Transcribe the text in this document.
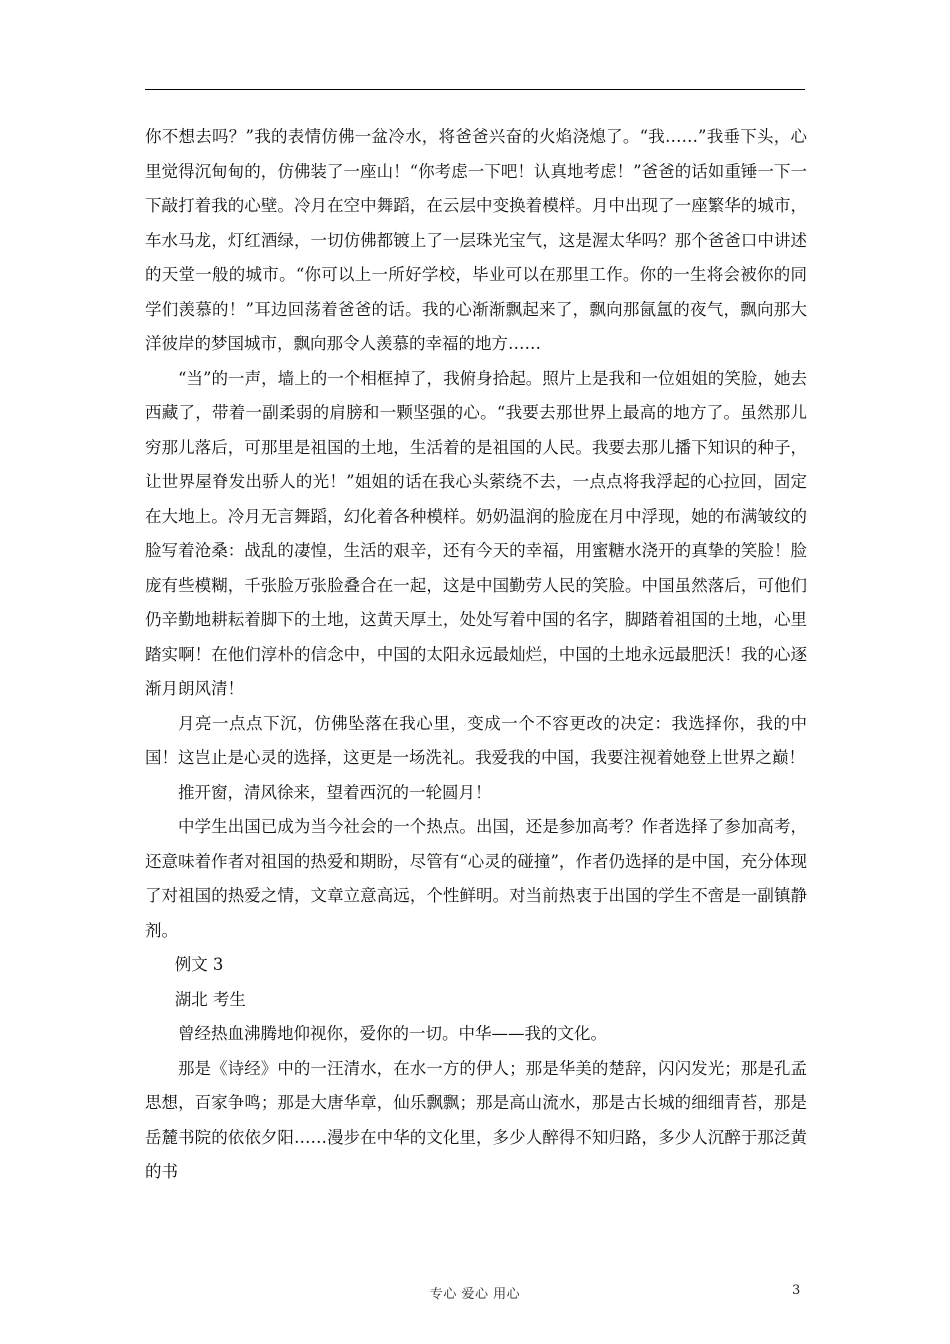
你不想去吗？”我的表情仿佛一盆冷水，将爸爸兴奋的火焰浇熄了。“我……”我垂下头，心里觉得沉甸甸的，仿佛装了一座山！“你考虑一下吧！认真地考虑！”爸爸的话如重锤一下一下敲打着我的心壁。冷月在空中舞蹈，在云层中变换着模样。月中出现了一座繁华的城市，车水马龙，灯红酒绿，一切仿佛都镀上了一层珠光宝气，这是渥太华吗？那个爸爸口中讲述的天堂一般的城市。“你可以上一所好学校，毕业可以在那里工作。你的一生将会被你的同学们羡慕的！”耳边回荡着爸爸的话。我的心渐渐飘起来了，飘向那氤氲的夜气，飘向那大洋彼岸的梦国城市，飘向那令人羡慕的幸福的地方……

“当”的一声，墙上的一个相框掉了，我俯身拾起。照片上是我和一位姐姐的笑脸，她去西藏了，带着一副柔弱的肩膀和一颗坚强的心。“我要去那世界上最高的地方了。虽然那儿穷那儿落后，可那里是祖国的土地，生活着的是祖国的人民。我要去那儿播下知识的种子，让世界屋脊发出骄人的光！”姐姐的话在我心头萦绕不去，一点点将我浮起的心拉回，固定在大地上。冷月无言舞蹈，幻化着各种模样。奶奶温润的脸庞在月中浮现，她的布满皱纹的脸写着沧桑：战乱的凄惶，生活的艰辛，还有今天的幸福，用蜜糖水浇开的真挚的笑脸！脸庞有些模糊，千张脸万张脸叠合在一起，这是中国勤劳人民的笑脸。中国虽然落后，可他们仍辛勤地耕耘着脚下的土地，这黄天厚土，处处写着中国的名字，脚踏着祖国的土地，心里踏实啊！在他们淳朴的信念中，中国的太阳永远最灿烂，中国的土地永远最肥沃！我的心逐渐月朗风清！

月亮一点点下沉，仿佛坠落在我心里，变成一个不容更改的决定：我选择你，我的中国！这岂止是心灵的选择，这更是一场洗礼。我爱我的中国，我要注视着她登上世界之巅！

推开窗，清风徐来，望着西沉的一轮圆月！

中学生出国已成为当今社会的一个热点。出国，还是参加高考？作者选择了参加高考，还意味着作者对祖国的热爱和期盼，尽管有“心灵的碰撞”，作者仍选择的是中国，充分体现了对祖国的热爱之情，文章立意高远，个性鲜明。对当前热衷于出国的学生不啻是一副镇静剂。

例文 3

湖北 考生

曾经热血沸腾地仰视你，爱你的一切。中华——我的文化。

那是《诗经》中的一汪清水，在水一方的伊人；那是华美的楚辞，闪闪发光；那是孔孟思想，百家争鸣；那是大唐华章，仙乐飘飘；那是高山流水，那是古长城的细细青苔，那是岳麓书院的依依夕阳……漫步在中华的文化里，多少人醉得不知归路，多少人沉醉于那泛黄的书

专心 爱心 用心	3
